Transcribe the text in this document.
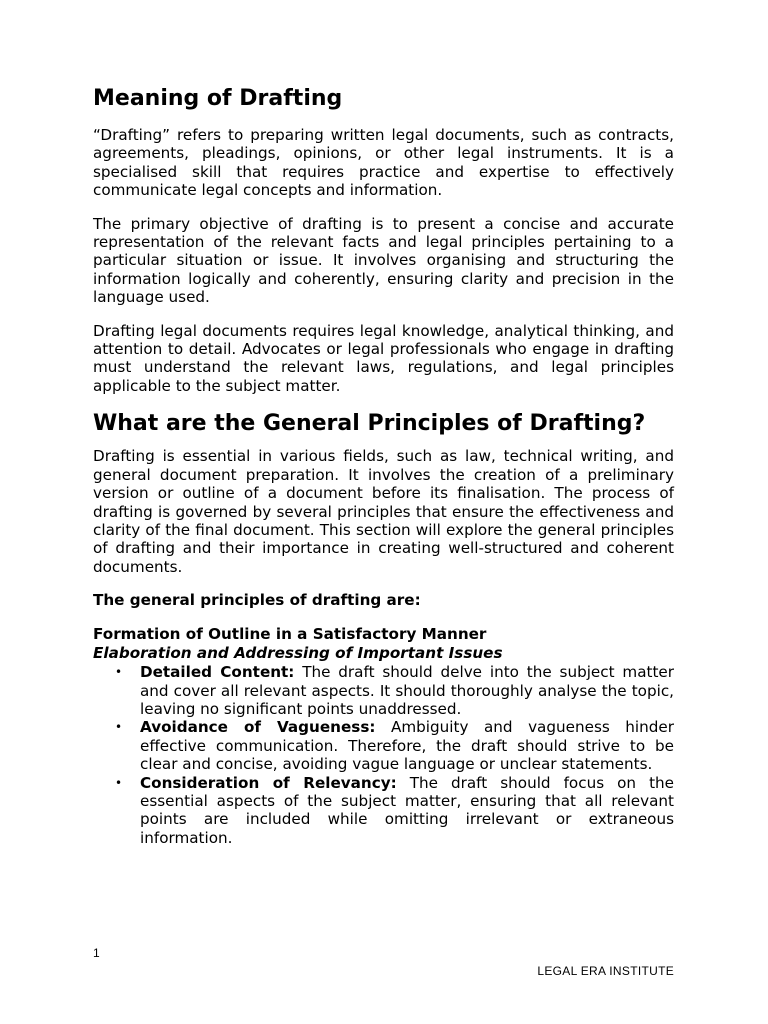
Meaning of Drafting

“Drafting” refers to preparing written legal documents, such as contracts, agreements, pleadings, opinions, or other legal instruments. It is a specialised skill that requires practice and expertise to effectively communicate legal concepts and information.

The primary objective of drafting is to present a concise and accurate representation of the relevant facts and legal principles pertaining to a particular situation or issue. It involves organising and structuring the information logically and coherently, ensuring clarity and precision in the language used.

Drafting legal documents requires legal knowledge, analytical thinking, and attention to detail. Advocates or legal professionals who engage in drafting must understand the relevant laws, regulations, and legal principles applicable to the subject matter.

What are the General Principles of Drafting?

Drafting is essential in various fields, such as law, technical writing, and general document preparation. It involves the creation of a preliminary version or outline of a document before its finalisation. The process of drafting is governed by several principles that ensure the effectiveness and clarity of the final document. This section will explore the general principles of drafting and their importance in creating well-structured and coherent documents.

The general principles of drafting are:
Formation of Outline in a Satisfactory Manner
Elaboration and Addressing of Important Issues
• Detailed Content: The draft should delve into the subject matter and cover all relevant aspects. It should thoroughly analyse the topic, leaving no significant points unaddressed.
• Avoidance of Vagueness: Ambiguity and vagueness hinder effective communication. Therefore, the draft should strive to be clear and concise, avoiding vague language or unclear statements.
• Consideration of Relevancy: The draft should focus on the essential aspects of the subject matter, ensuring that all relevant points are included while omitting irrelevant or extraneous information.
1
LEGAL ERA INSTITUTE
